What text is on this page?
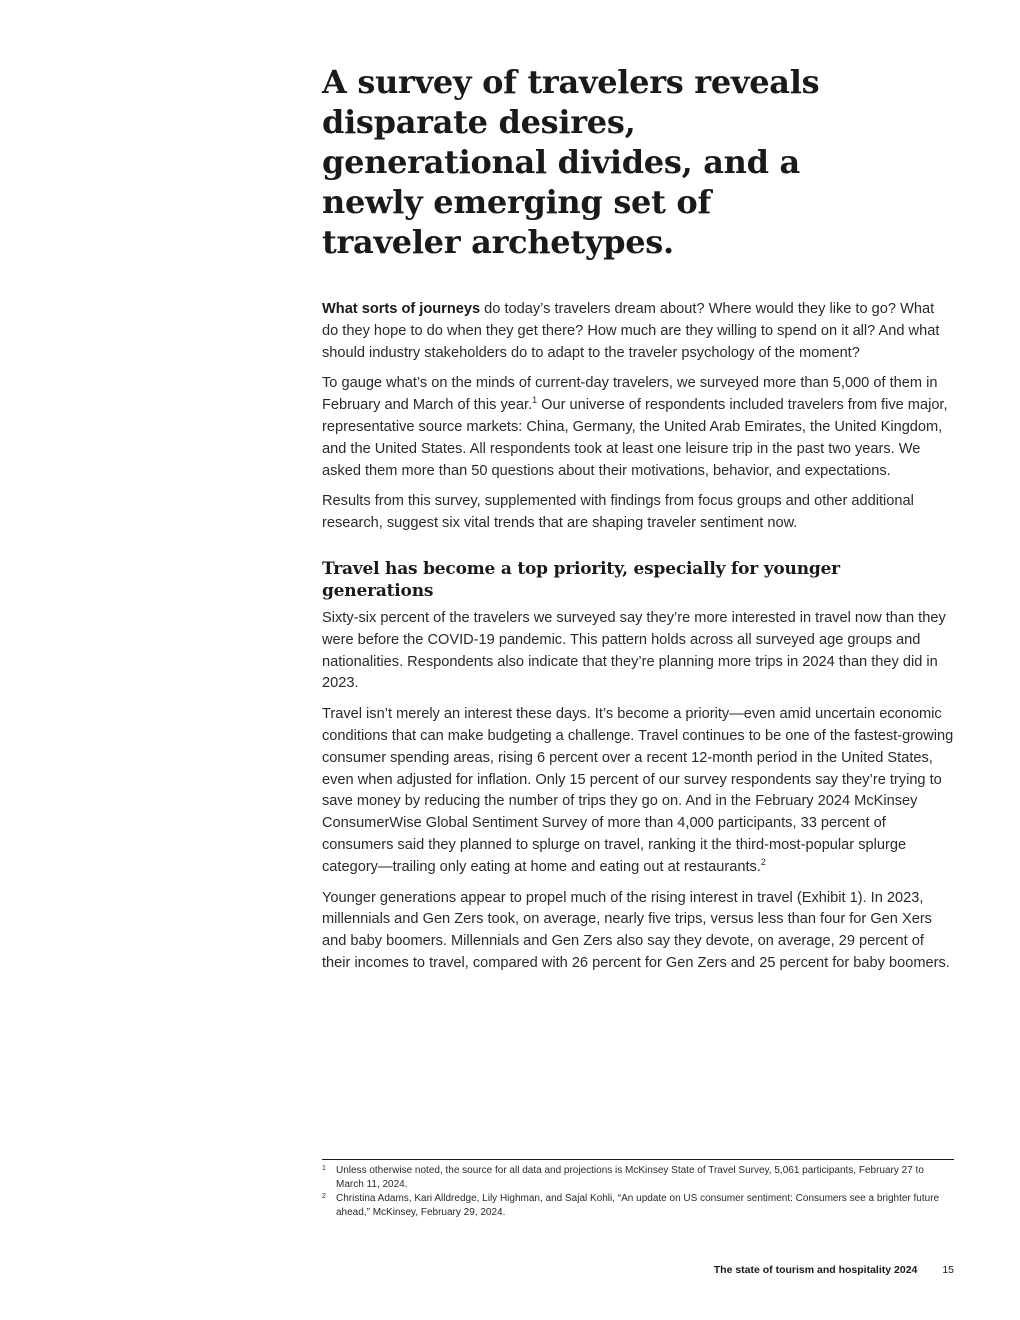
A survey of travelers reveals disparate desires, generational divides, and a newly emerging set of traveler archetypes.

What sorts of journeys do today’s travelers dream about? Where would they like to go? What do they hope to do when they get there? How much are they willing to spend on it all? And what should industry stakeholders do to adapt to the traveler psychology of the moment?

To gauge what’s on the minds of current-day travelers, we surveyed more than 5,000 of them in February and March of this year.$^1$ Our universe of respondents included travelers from five major, representative source markets: China, Germany, the United Arab Emirates, the United Kingdom, and the United States. All respondents took at least one leisure trip in the past two years. We asked them more than 50 questions about their motivations, behavior, and expectations.

Results from this survey, supplemented with findings from focus groups and other additional research, suggest six vital trends that are shaping traveler sentiment now.

Travel has become a top priority, especially for younger generations

Sixty-six percent of the travelers we surveyed say they’re more interested in travel now than they were before the COVID-19 pandemic. This pattern holds across all surveyed age groups and nationalities. Respondents also indicate that they’re planning more trips in 2024 than they did in 2023.

Travel isn’t merely an interest these days. It’s become a priority—even amid uncertain economic conditions that can make budgeting a challenge. Travel continues to be one of the fastest-growing consumer spending areas, rising 6 percent over a recent 12-month period in the United States, even when adjusted for inflation. Only 15 percent of our survey respondents say they’re trying to save money by reducing the number of trips they go on. And in the February 2024 McKinsey ConsumerWise Global Sentiment Survey of more than 4,000 participants, 33 percent of consumers said they planned to splurge on travel, ranking it the third-most-popular splurge category—trailing only eating at home and eating out at restaurants.$^2$

Younger generations appear to propel much of the rising interest in travel (Exhibit 1). In 2023, millennials and Gen Zers took, on average, nearly five trips, versus less than four for Gen Xers and baby boomers. Millennials and Gen Zers also say they devote, on average, 29 percent of their incomes to travel, compared with 26 percent for Gen Zers and 25 percent for baby boomers.

1 Unless otherwise noted, the source for all data and projections is McKinsey State of Travel Survey, 5,061 participants, February 27 to March 11, 2024.
2 Christina Adams, Kari Alldredge, Lily Highman, and Sajal Kohli, “An update on US consumer sentiment: Consumers see a brighter future ahead,” McKinsey, February 29, 2024.
The state of tourism and hospitality 2024 15
